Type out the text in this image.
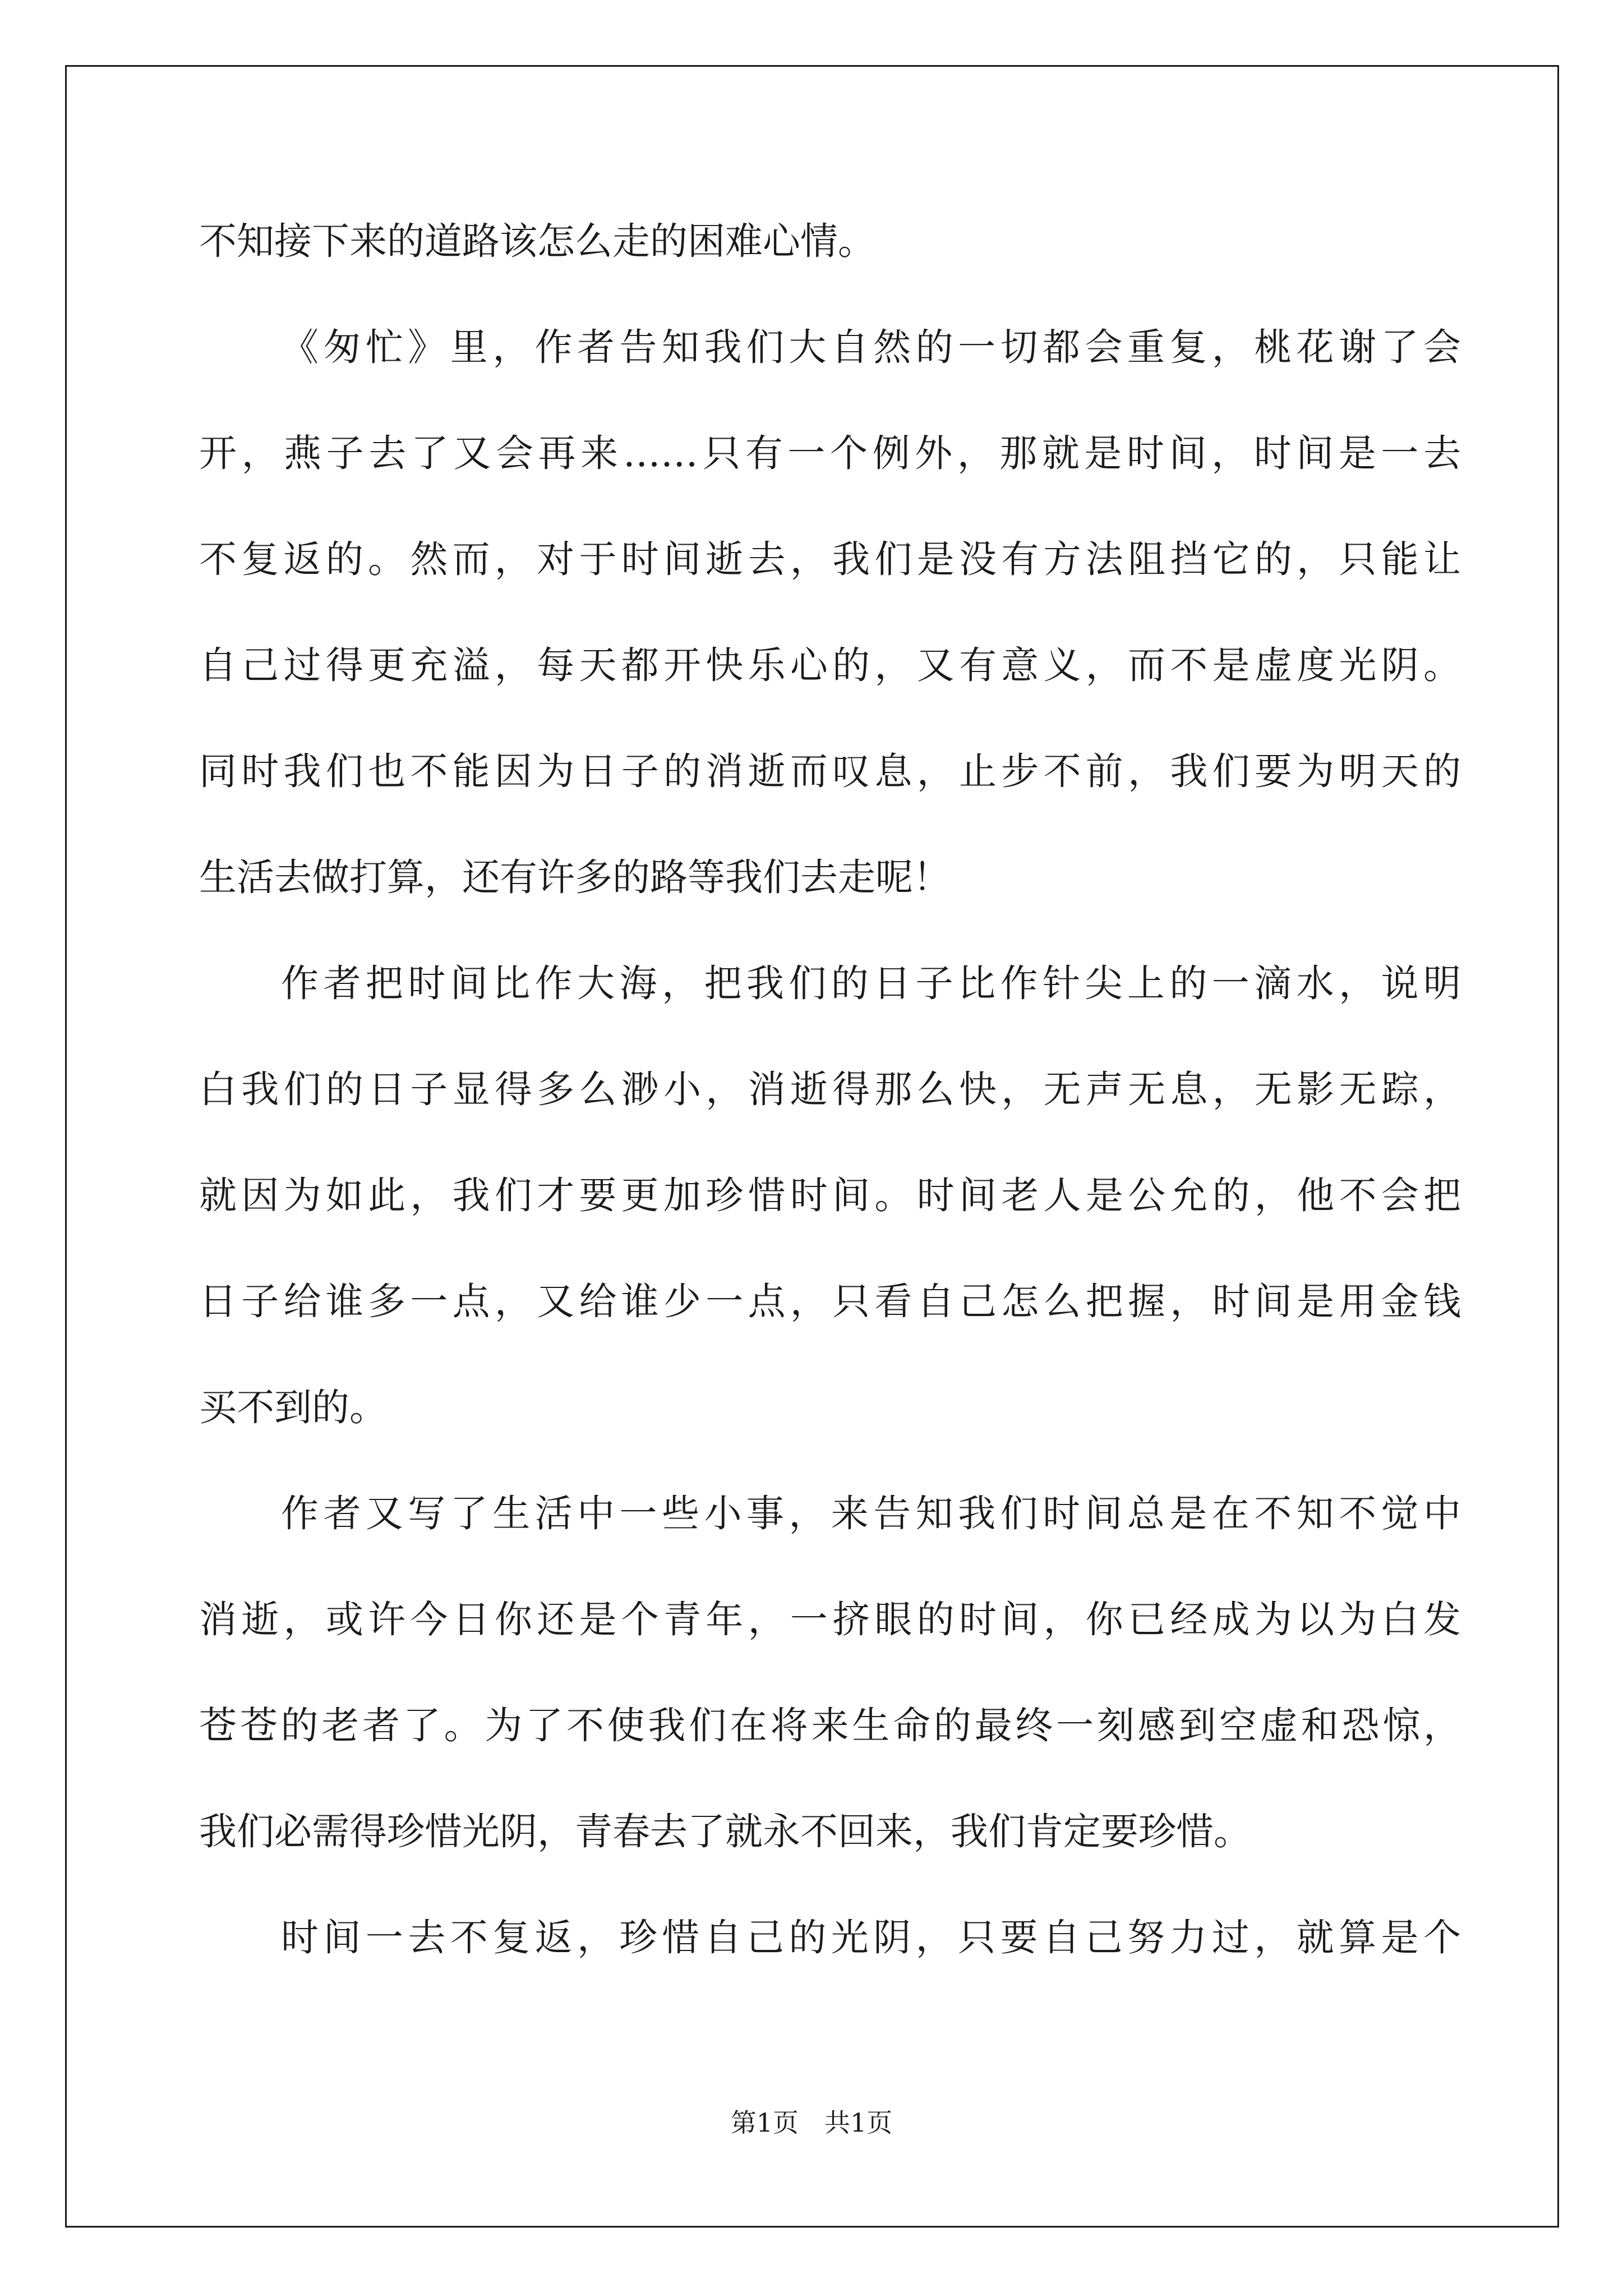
不知接下来的道路该怎么走的困难心情。
《匆忙》里，作者告知我们大自然的一切都会重复，桃花谢了会
开，燕子去了又会再来……只有一个例外，那就是时间，时间是一去
不复返的。然而，对于时间逝去，我们是没有方法阻挡它的，只能让
自己过得更充溢，每天都开快乐心的，又有意义，而不是虚度光阴。
同时我们也不能因为日子的消逝而叹息，止步不前，我们要为明天的
生活去做打算，还有许多的路等我们去走呢！
作者把时间比作大海，把我们的日子比作针尖上的一滴水，说明
白我们的日子显得多么渺小，消逝得那么快，无声无息，无影无踪，
就因为如此，我们才要更加珍惜时间。时间老人是公允的，他不会把
日子给谁多一点，又给谁少一点，只看自己怎么把握，时间是用金钱
买不到的。
作者又写了生活中一些小事，来告知我们时间总是在不知不觉中
消逝，或许今日你还是个青年，一挤眼的时间，你已经成为以为白发
苍苍的老者了。为了不使我们在将来生命的最终一刻感到空虚和恐惊，
我们必需得珍惜光阴，青春去了就永不回来，我们肯定要珍惜。
时间一去不复返，珍惜自己的光阴，只要自己努力过，就算是个
第1页　共1页
